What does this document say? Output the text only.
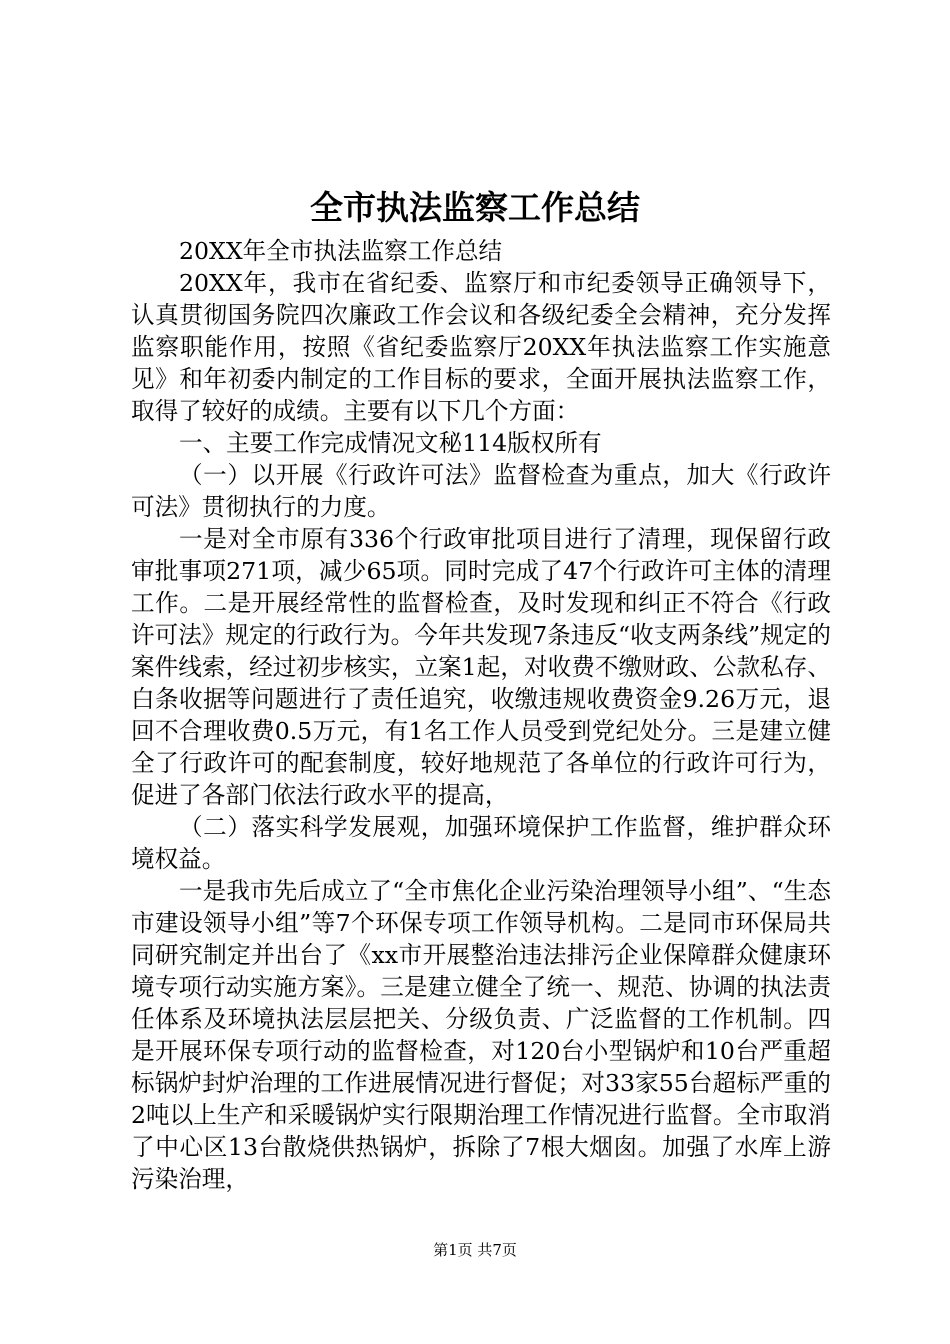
全市执法监察工作总结

20XX年全市执法监察工作总结

20XX年，我市在省纪委、监察厅和市纪委领导正确领导下，认真贯彻国务院四次廉政工作会议和各级纪委全会精神，充分发挥监察职能作用，按照《省纪委监察厅20XX年执法监察工作实施意见》和年初委内制定的工作目标的要求，全面开展执法监察工作，取得了较好的成绩。主要有以下几个方面：

一、主要工作完成情况文秘114版权所有

（一）以开展《行政许可法》监督检查为重点，加大《行政许可法》贯彻执行的力度。

一是对全市原有336个行政审批项目进行了清理，现保留行政审批事项271项，减少65项。同时完成了47个行政许可主体的清理工作。二是开展经常性的监督检查，及时发现和纠正不符合《行政许可法》规定的行政行为。今年共发现7条违反“收支两条线”规定的案件线索，经过初步核实，立案1起，对收费不缴财政、公款私存、白条收据等问题进行了责任追究，收缴违规收费资金9.26万元，退回不合理收费0.5万元，有1名工作人员受到党纪处分。三是建立健全了行政许可的配套制度，较好地规范了各单位的行政许可行为，促进了各部门依法行政水平的提高，

（二）落实科学发展观，加强环境保护工作监督，维护群众环境权益。

一是我市先后成立了“全市焦化企业污染治理领导小组”、“生态市建设领导小组”等7个环保专项工作领导机构。二是同市环保局共同研究制定并出台了《xx市开展整治违法排污企业保障群众健康环境专项行动实施方案》。三是建立健全了统一、规范、协调的执法责任体系及环境执法层层把关、分级负责、广泛监督的工作机制。四是开展环保专项行动的监督检查，对120台小型锅炉和10台严重超标锅炉封炉治理的工作进展情况进行督促；对33家55台超标严重的2吨以上生产和采暖锅炉实行限期治理工作情况进行监督。全市取消了中心区13台散烧供热锅炉，拆除了7根大烟囱。加强了水库上游污染治理，

第1页 共7页
